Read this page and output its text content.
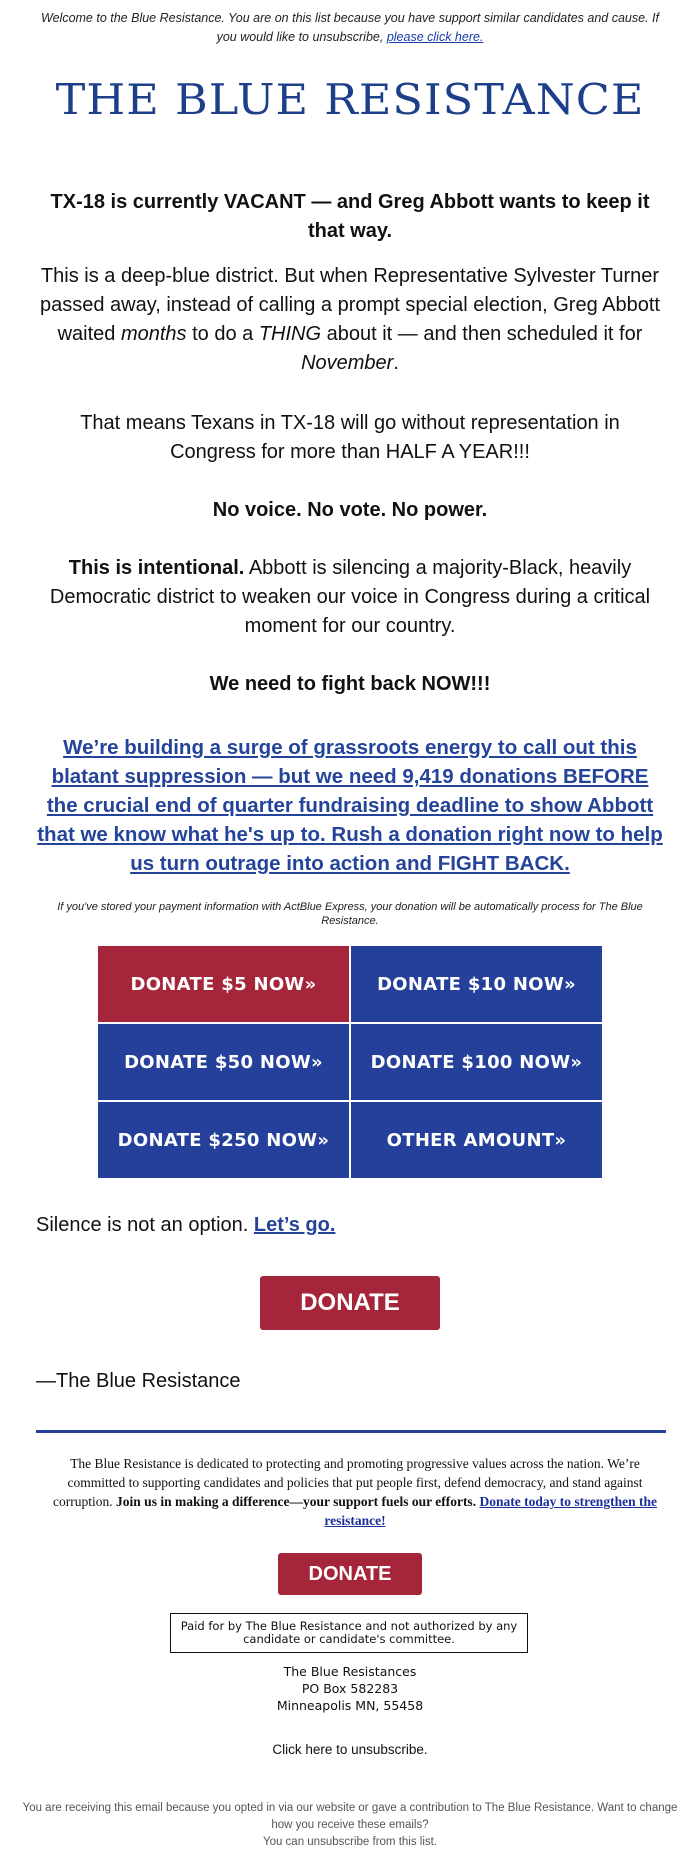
Welcome to the Blue Resistance. You are on this list because you have support similar candidates and cause. If you would like to unsubscribe, please click here.
THE BLUE RESISTANCE
TX-18 is currently VACANT — and Greg Abbott wants to keep it that way.
This is a deep-blue district. But when Representative Sylvester Turner passed away, instead of calling a prompt special election, Greg Abbott waited months to do a THING about it — and then scheduled it for November.
That means Texans in TX-18 will go without representation in Congress for more than HALF A YEAR!!!
No voice. No vote. No power.
This is intentional. Abbott is silencing a majority-Black, heavily Democratic district to weaken our voice in Congress during a critical moment for our country.
We need to fight back NOW!!!
We’re building a surge of grassroots energy to call out this blatant suppression — but we need 9,419 donations BEFORE the crucial end of quarter fundraising deadline to show Abbott that we know what he's up to. Rush a donation right now to help us turn outrage into action and FIGHT BACK.
If you've stored your payment information with ActBlue Express, your donation will be automatically process for The Blue Resistance.
DONATE $5 NOW»	DONATE $10 NOW»
DONATE $50 NOW»	DONATE $100 NOW»
DONATE $250 NOW»	OTHER AMOUNT»
Silence is not an option. Let’s go.
DONATE
—The Blue Resistance
The Blue Resistance is dedicated to protecting and promoting progressive values across the nation. We’re committed to supporting candidates and policies that put people first, defend democracy, and stand against corruption. Join us in making a difference—your support fuels our efforts. Donate today to strengthen the resistance!
DONATE
Paid for by The Blue Resistance and not authorized by any candidate or candidate's committee.
The Blue Resistances
PO Box 582283
Minneapolis MN, 55458
Click here to unsubscribe.
You are receiving this email because you opted in via our website or gave a contribution to The Blue Resistance. Want to change how you receive these emails?
You can unsubscribe from this list.
